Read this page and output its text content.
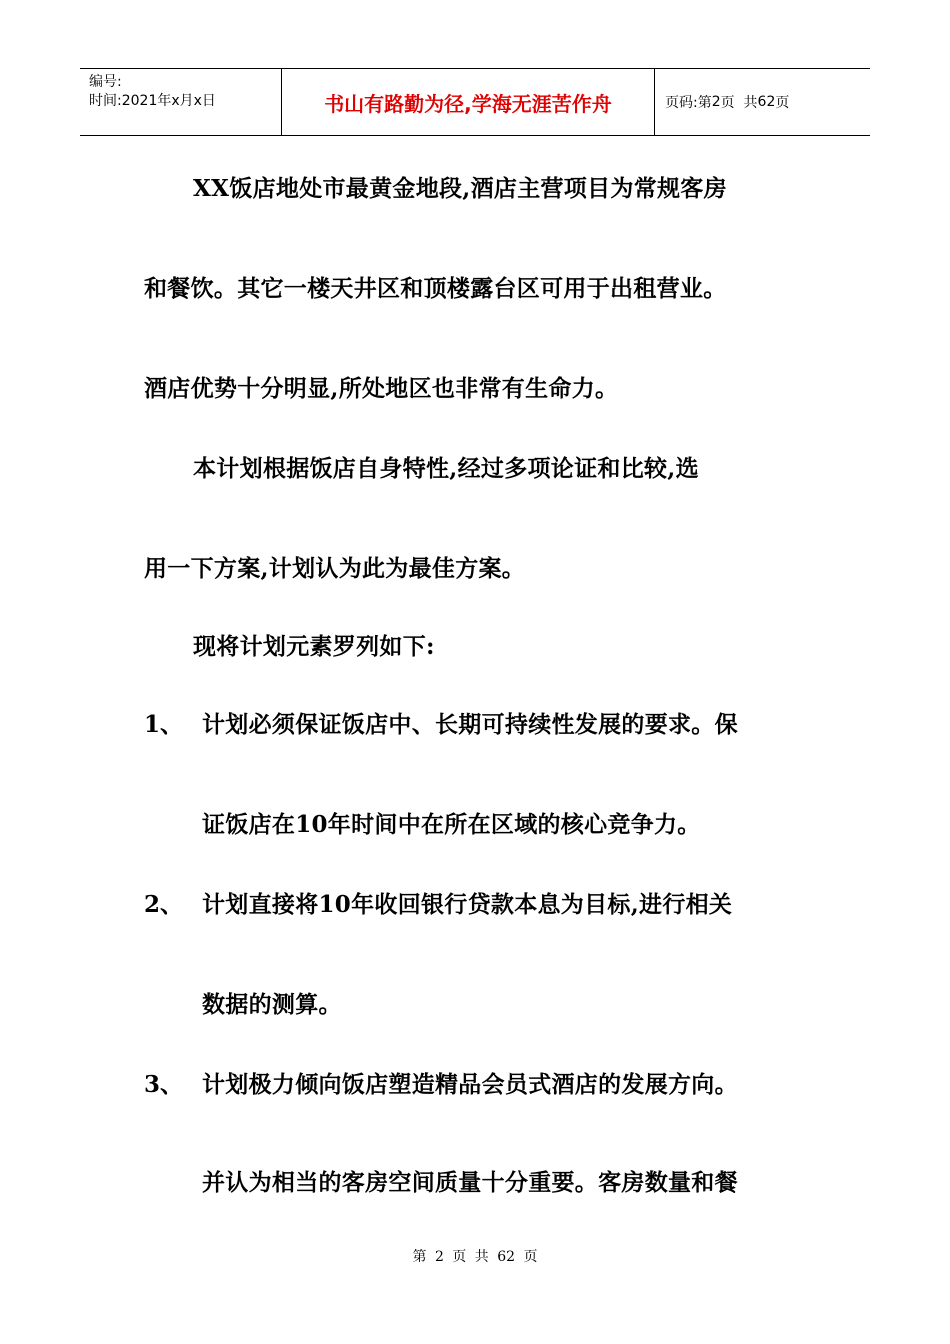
编号:
时间:2021年x月x日	书山有路勤为径,学海无涯苦作舟	页码:第 2 页  共 62 页
XX饭店地处市最黄金地段,酒店主营项目为常规客房
和餐饮。其它一楼天井区和顶楼露台区可用于出租营业。
酒店优势十分明显,所处地区也非常有生命力。
本计划根据饭店自身特性,经过多项论证和比较,选
用一下方案,计划认为此为最佳方案。
现将计划元素罗列如下:
1、 计划必须保证饭店中、长期可持续性发展的要求。保
证饭店在10年时间中在所在区域的核心竞争力。
2、 计划直接将10年收回银行贷款本息为目标,进行相关
数据的测算。
3、 计划极力倾向饭店塑造精品会员式酒店的发展方向。
并认为相当的客房空间质量十分重要。客房数量和餐
第 2 页 共 62 页
